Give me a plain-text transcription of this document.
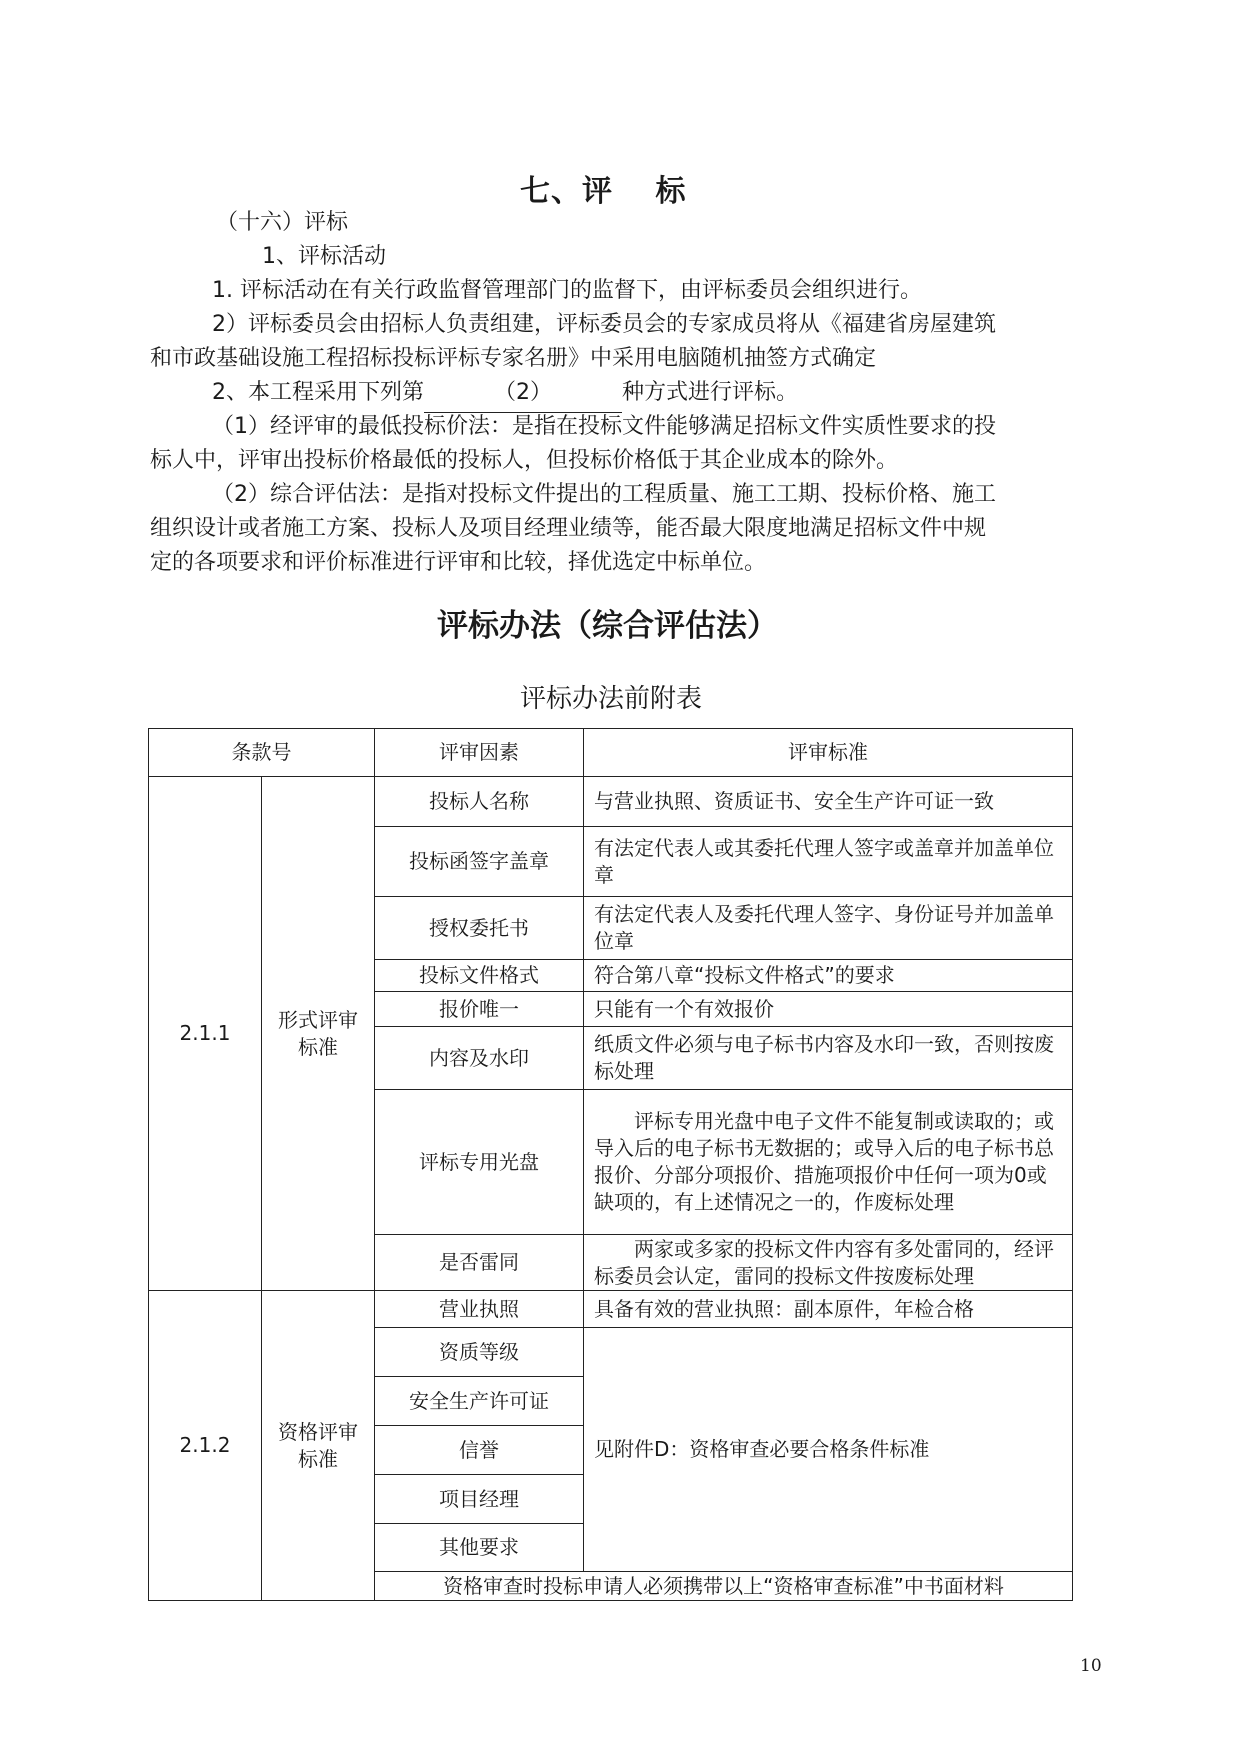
七、评　 标
（十六）评标
1、评标活动
1. 评标活动在有关行政监督管理部门的监督下，由评标委员会组织进行。
2）评标委员会由招标人负责组建，评标委员会的专家成员将从《福建省房屋建筑
和市政基础设施工程招标投标评标专家名册》中采用电脑随机抽签方式确定
2、本工程采用下列第	（2）	种方式进行评标。
（1）经评审的最低投标价法：是指在投标文件能够满足招标文件实质性要求的投
标人中，评审出投标价格最低的投标人，但投标价格低于其企业成本的除外。
（2）综合评估法：是指对投标文件提出的工程质量、施工工期、投标价格、施工
组织设计或者施工方案、投标人及项目经理业绩等，能否最大限度地满足招标文件中规
定的各项要求和评价标准进行评审和比较，择优选定中标单位。
评标办法（综合评估法）
评标办法前附表
条款号		评审因素	评审标准
2.1.1	形式评审标准	投标人名称	与营业执照、资质证书、安全生产许可证一致
		投标函签字盖章	有法定代表人或其委托代理人签字或盖章并加盖单位章
		授权委托书	有法定代表人及委托代理人签字、身份证号并加盖单位章
		投标文件格式	符合第八章“投标文件格式”的要求
		报价唯一	只能有一个有效报价
		内容及水印	纸质文件必须与电子标书内容及水印一致，否则按废标处理
		评标专用光盘	评标专用光盘中电子文件不能复制或读取的；或导入后的电子标书无数据的；或导入后的电子标书总报价、分部分项报价、措施项报价中任何一项为0或缺项的，有上述情况之一的，作废标处理
		是否雷同	两家或多家的投标文件内容有多处雷同的，经评标委员会认定，雷同的投标文件按废标处理
2.1.2	资格评审标准	营业执照	具备有效的营业执照：副本原件，年检合格
		资质等级	见附件D：资格审查必要合格条件标准
		安全生产许可证	
		信誉	
		项目经理	
		其他要求	
		资格审查时投标申请人必须携带以上“资格审查标准”中书面材料	
10
